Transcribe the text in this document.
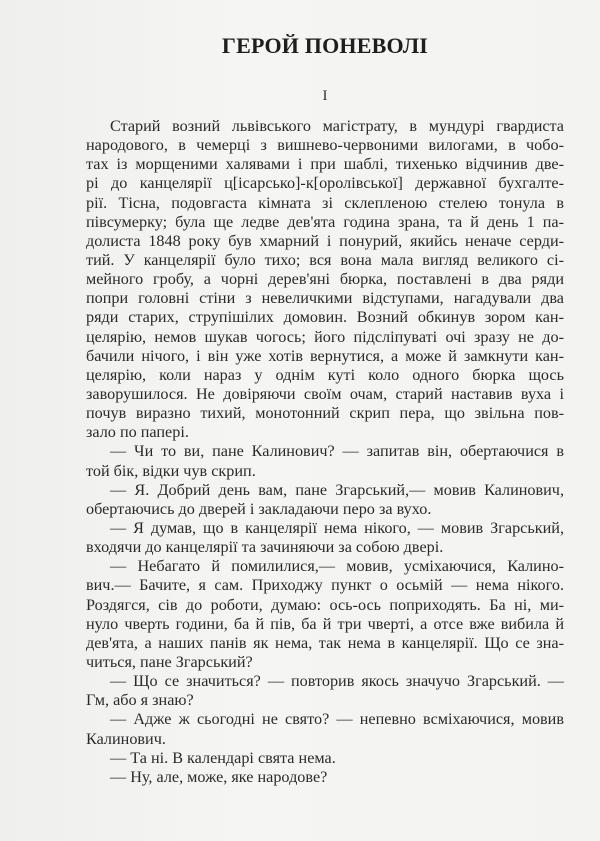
ГЕРОЙ ПОНЕВОЛІ
I
Старий возний львівського магістрату, в мундурі гвардиста
народового, в чемерці з вишнево-червоними вилогами, в чобо-
тах із морщеними халявами і при шаблі, тихенько відчинив две-
рі до канцелярії ц[ісарсько]-к[оролівської] державної бухгалте-
рії. Тісна, подовгаста кімната зі склепленою стелею тонула в
півсумерку; була ще ледве дев'ята година зрана, та й день 1 па-
долиста 1848 року був хмарний і понурий, якийсь неначе серди-
тий. У канцелярії було тихо; вся вона мала вигляд великого сі-
мейного гробу, а чорні дерев'яні бюрка, поставлені в два ряди
попри головні стіни з невеличкими відступами, нагадували два
ряди старих, струпішілих домовин. Возний обкинув зором кан-
целярію, немов шукав чогось; його підсліпуваті очі зразу не до-
бачили нічого, і він уже хотів вернутися, а може й замкнути кан-
целярію, коли нараз у однім куті коло одного бюрка щось
заворушилося. Не довіряючи своїм очам, старий наставив вуха і
почув виразно тихий, монотонний скрип пера, що звільна пов-
зало по папері.
— Чи то ви, пане Калинович? — запитав він, обертаючися в
той бік, відки чув скрип.
— Я. Добрий день вам, пане Згарський,— мовив Калинович,
обертаючись до дверей і закладаючи перо за вухо.
— Я думав, що в канцелярії нема нікого, — мовив Згарський,
входячи до канцелярії та зачиняючи за собою двері.
— Небагато й помилилися,— мовив, усміхаючися, Калино-
вич.— Бачите, я сам. Приходжу пункт о осьмій — нема нікого.
Роздягся, сів до роботи, думаю: ось-ось поприходять. Ба ні, ми-
нуло чверть години, ба й пів, ба й три чверті, а отсе вже вибила й
дев'ята, а наших панів як нема, так нема в канцелярії. Що се зна-
читься, пане Згарський?
— Що се значиться? — повторив якось значучо Згарський. —
Гм, або я знаю?
— Адже ж сьогодні не свято? — непевно всміхаючися, мовив
Калинович.
— Та ні. В календарі свята нема.
— Ну, але, може, яке народове?
